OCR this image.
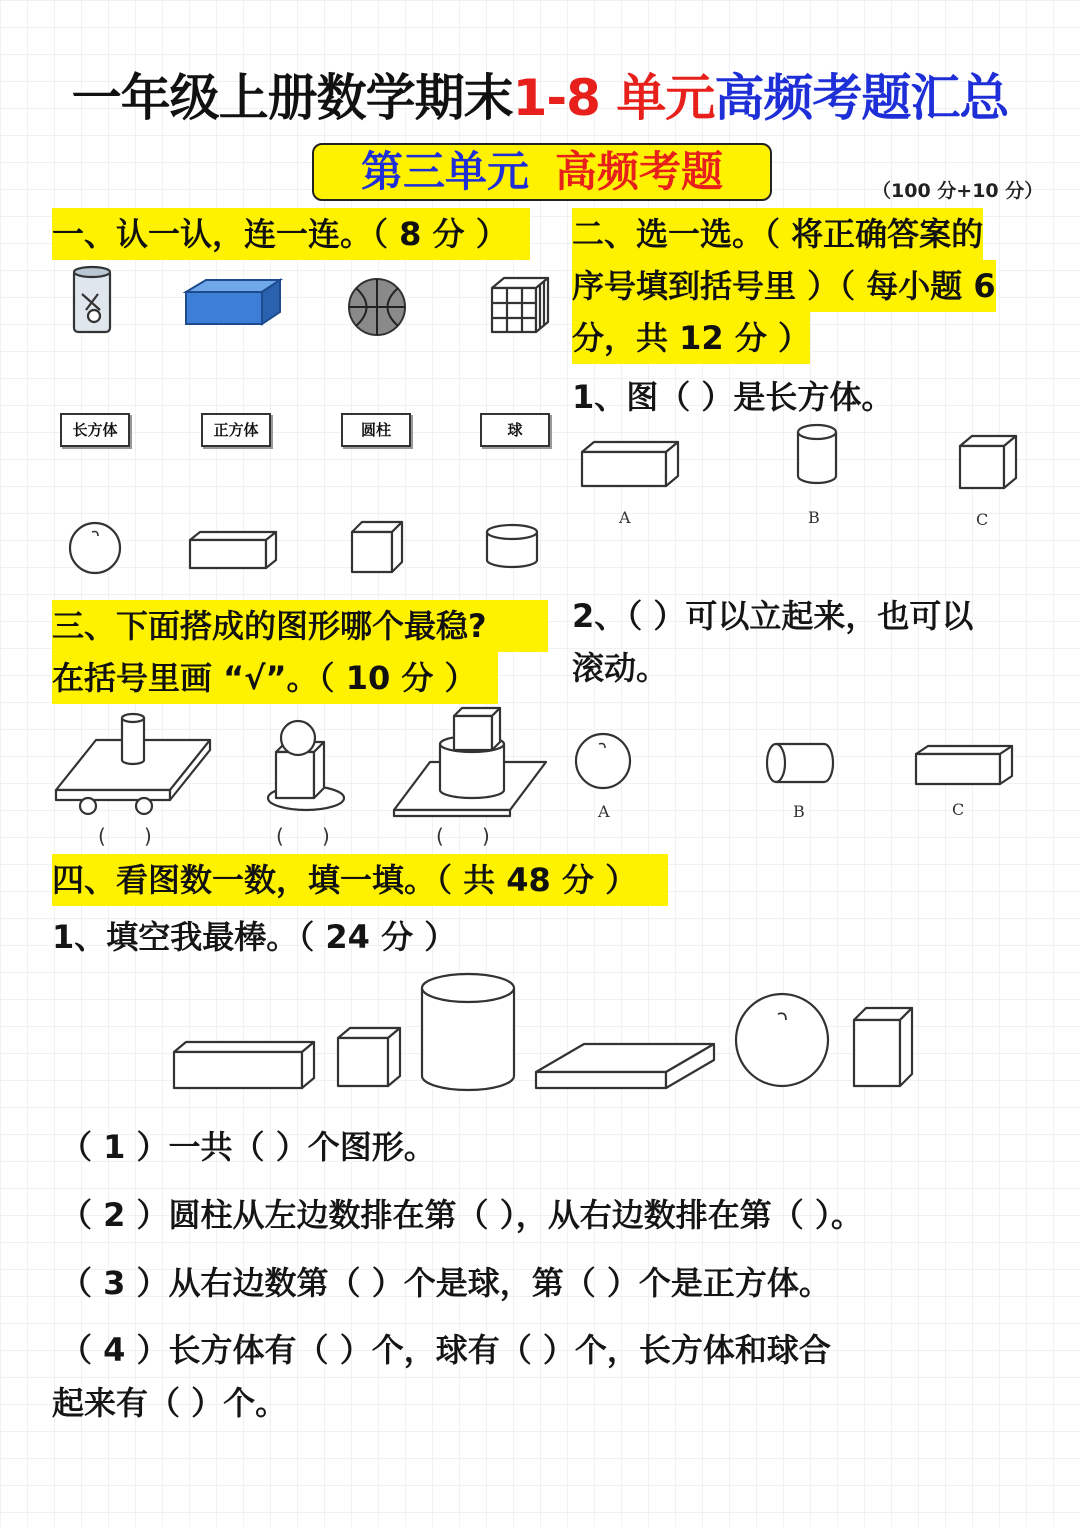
一年级上册数学期末1-8 单元高频考题汇总
第三单元 高频考题	（100 分+10 分）
一、认一认，连一连。（ 8 分 ）
长方体	正方体	圆柱	球
二、选一选。（ 将正确答案的
序号填到括号里 ）（ 每小题 6
分，共 12 分 ）
1、图（ ）是长方体。
A	B	C
2、（ ）可以立起来，也可以
滚动。
A	B	C
三、下面搭成的图形哪个最稳?
在括号里画 “√”。（ 10 分 ）
(      )	(      )	(      )
四、看图数一数，填一填。（ 共 48 分 ）
1、填空我最棒。（ 24 分 ）
（ 1 ）一共（ ）个图形。
（ 2 ）圆柱从左边数排在第（ ），从右边数排在第（ ）。
（ 3 ）从右边数第（ ）个是球，第（ ）个是正方体。
（ 4 ）长方体有（ ）个，球有（ ）个，长方体和球合
起来有（ ）个。
